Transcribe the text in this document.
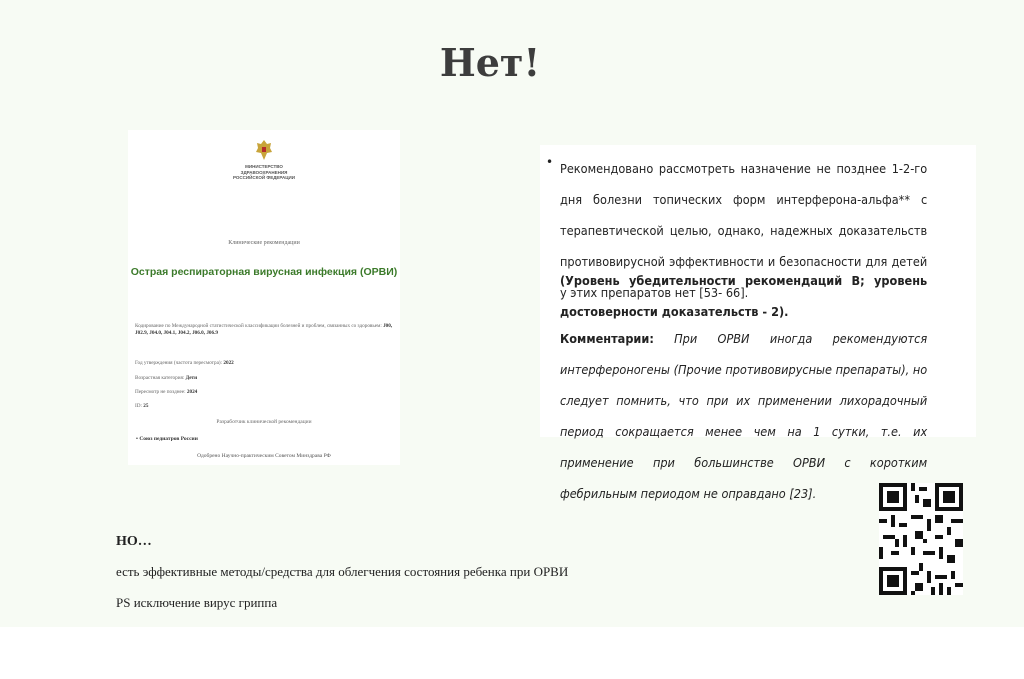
Нет!
МИНИСТЕРСТВО
ЗДРАВООХРАНЕНИЯ
РОССИЙСКОЙ ФЕДЕРАЦИИ
Клинические рекомендации
Острая респираторная вирусная инфекция (ОРВИ)
Кодирование по Международной статистической классификации болезней и проблем, связанных со здоровьем: J00, J02.9, J04.0, J04.1, J04.2, J06.0, J06.9
Год утверждения (частота пересмотра): 2022
Возрастная категория: Дети
Пересмотр не позднее: 2024
ID: 25
Разработчик клинической рекомендации
• Союз педиатров России
Одобрено Научно-практическим Советом Минздрава РФ
• Рекомендовано рассмотреть назначение не позднее 1-2-го дня болезни топических форм интерферона-альфа** с терапевтической целью, однако, надежных доказательств противовирусной эффективности и безопасности для детей у этих препаратов нет [53- 66].
(Уровень убедительности рекомендаций B; уровень достоверности доказательств - 2).
Комментарии: При ОРВИ иногда рекомендуются интерфероногены (Прочие противовирусные препараты), но следует помнить, что при их применении лихорадочный период сокращается менее чем на 1 сутки, т.е. их применение при большинстве ОРВИ с коротким фебрильным периодом не оправдано [23].
НО…
есть эффективные методы/средства для облегчения состояния ребенка при ОРВИ
PS исключение вирус гриппа
